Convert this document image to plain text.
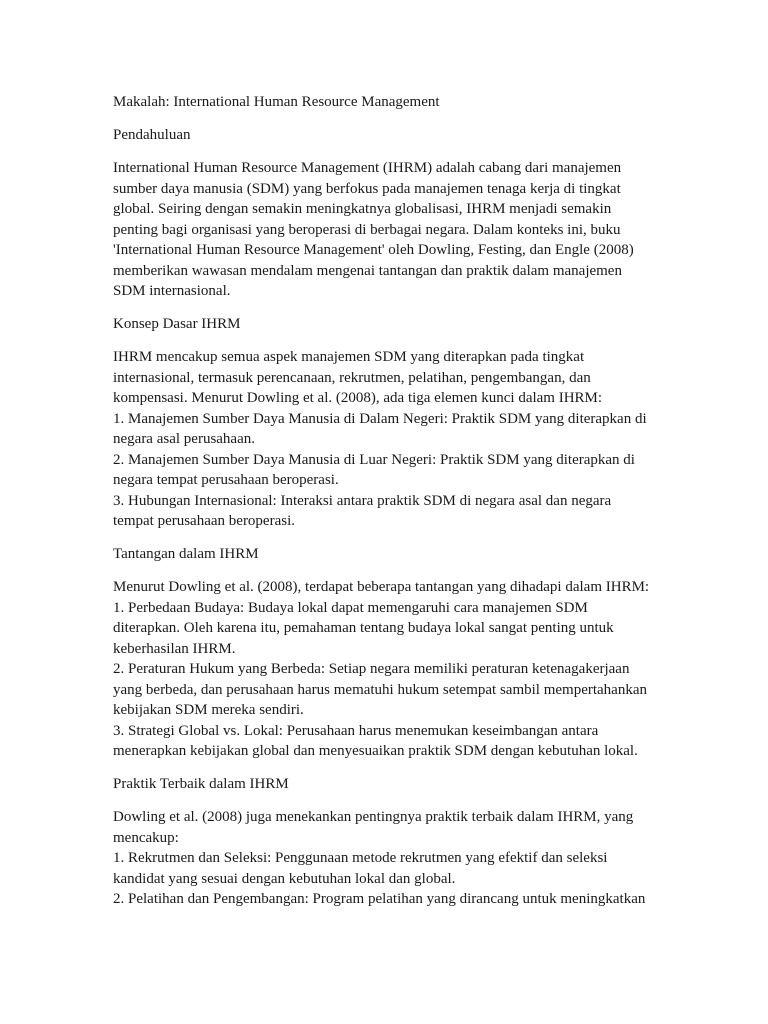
Makalah: International Human Resource Management

Pendahuluan

International Human Resource Management (IHRM) adalah cabang dari manajemen
sumber daya manusia (SDM) yang berfokus pada manajemen tenaga kerja di tingkat
global. Seiring dengan semakin meningkatnya globalisasi, IHRM menjadi semakin
penting bagi organisasi yang beroperasi di berbagai negara. Dalam konteks ini, buku
'International Human Resource Management' oleh Dowling, Festing, dan Engle (2008)
memberikan wawasan mendalam mengenai tantangan dan praktik dalam manajemen
SDM internasional.

Konsep Dasar IHRM

IHRM mencakup semua aspek manajemen SDM yang diterapkan pada tingkat
internasional, termasuk perencanaan, rekrutmen, pelatihan, pengembangan, dan
kompensasi. Menurut Dowling et al. (2008), ada tiga elemen kunci dalam IHRM:
1. Manajemen Sumber Daya Manusia di Dalam Negeri: Praktik SDM yang diterapkan di
negara asal perusahaan.
2. Manajemen Sumber Daya Manusia di Luar Negeri: Praktik SDM yang diterapkan di
negara tempat perusahaan beroperasi.
3. Hubungan Internasional: Interaksi antara praktik SDM di negara asal dan negara
tempat perusahaan beroperasi.

Tantangan dalam IHRM

Menurut Dowling et al. (2008), terdapat beberapa tantangan yang dihadapi dalam IHRM:
1. Perbedaan Budaya: Budaya lokal dapat memengaruhi cara manajemen SDM
diterapkan. Oleh karena itu, pemahaman tentang budaya lokal sangat penting untuk
keberhasilan IHRM.
2. Peraturan Hukum yang Berbeda: Setiap negara memiliki peraturan ketenagakerjaan
yang berbeda, dan perusahaan harus mematuhi hukum setempat sambil mempertahankan
kebijakan SDM mereka sendiri.
3. Strategi Global vs. Lokal: Perusahaan harus menemukan keseimbangan antara
menerapkan kebijakan global dan menyesuaikan praktik SDM dengan kebutuhan lokal.

Praktik Terbaik dalam IHRM

Dowling et al. (2008) juga menekankan pentingnya praktik terbaik dalam IHRM, yang
mencakup:
1. Rekrutmen dan Seleksi: Penggunaan metode rekrutmen yang efektif dan seleksi
kandidat yang sesuai dengan kebutuhan lokal dan global.
2. Pelatihan dan Pengembangan: Program pelatihan yang dirancang untuk meningkatkan
